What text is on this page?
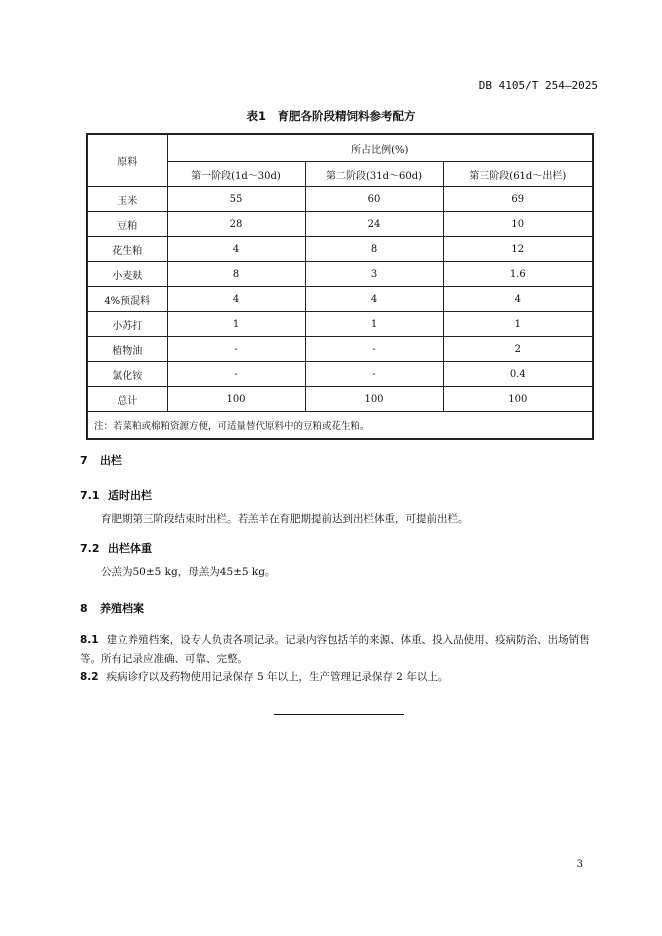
DB 4105/T 254—2025
表1　育肥各阶段精饲料参考配方
原料	所占比例(%)		
	第一阶段(1d～30d)	第二阶段(31d～60d)	第三阶段(61d～出栏)
玉米	55	60	69
豆粕	28	24	10
花生粕	4	8	12
小麦麸	8	3	1.6
4%预混料	4	4	4
小苏打	1	1	1
植物油	-	-	2
氯化铵	-	-	0.4
总计	100	100	100
注：若菜粕或棉粕资源方便，可适量替代原料中的豆粕或花生粕。			
7 出栏
7.1 适时出栏
育肥期第三阶段结束时出栏。若羔羊在育肥期提前达到出栏体重，可提前出栏。
7.2 出栏体重
公羔为50±5 kg，母羔为45±5 kg。
8 养殖档案
8.1 建立养殖档案，设专人负责各项记录。记录内容包括羊的来源、体重、投入品使用、疫病防治、出场销售等。所有记录应准确、可靠、完整。
8.2 疾病诊疗以及药物使用记录保存 5 年以上，生产管理记录保存 2 年以上。
3
